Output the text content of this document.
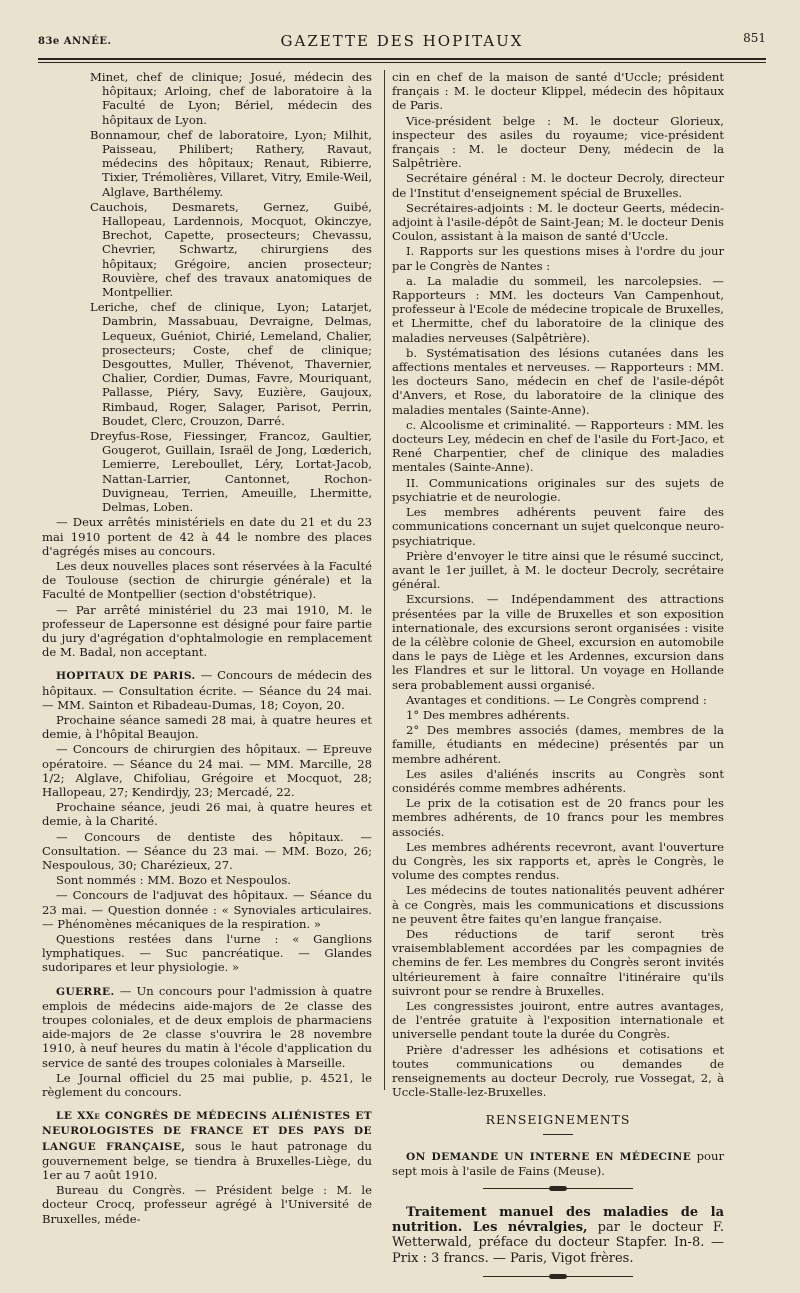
83e ANNÉE.	GAZETTE DES HOPITAUX	851

Minet, chef de clinique; Josué, médecin des hôpitaux; Arloing, chef de laboratoire à la Faculté de Lyon; Bériel, médecin des hôpitaux de Lyon.

Bonnamour, chef de laboratoire, Lyon; Milhit, Paisseau, Philibert; Rathery, Ravaut, médecins des hôpitaux; Renaut, Ribierre, Tixier, Trémolières, Villaret, Vitry, Emile-Weil, Alglave, Barthélemy.

Cauchois, Desmarets, Gernez, Guibé, Hallopeau, Lardennois, Mocquot, Okinczye, Brechot, Capette, prosecteurs; Chevassu, Chevrier, Schwartz, chirurgiens des hôpitaux; Grégoire, ancien prosecteur; Rouvière, chef des travaux anatomiques de Montpellier.

Leriche, chef de clinique, Lyon; Latarjet, Dambrin, Massabuau, Devraigne, Delmas, Lequeux, Guéniot, Chirié, Lemeland, Chalier, prosecteurs; Coste, chef de clinique; Desgouttes, Muller, Thévenot, Thavernier, Chalier, Cordier, Dumas, Favre, Mouriquant, Pallasse, Piéry, Savy, Euzière, Gaujoux, Rimbaud, Roger, Salager, Parisot, Perrin, Boudet, Clerc, Crouzon, Darré.

Dreyfus-Rose, Fiessinger, Francoz, Gaultier, Gougerot, Guillain, Israël de Jong, Lœderich, Lemierre, Lereboullet, Léry, Lortat-Jacob, Nattan-Larrier, Cantonnet, Rochon-Duvigneau, Terrien, Ameuille, Lhermitte, Delmas, Loben.

— Deux arrêtés ministériels en date du 21 et du 23 mai 1910 portent de 42 à 44 le nombre des places d'agrégés mises au concours.

Les deux nouvelles places sont réservées à la Faculté de Toulouse (section de chirurgie générale) et la Faculté de Montpellier (section d'obstétrique).

— Par arrêté ministériel du 23 mai 1910, M. le professeur de Lapersonne est désigné pour faire partie du jury d'agrégation d'ophtalmologie en remplacement de M. Badal, non acceptant.

HOPITAUX DE PARIS. — Concours de médecin des hôpitaux. — Consultation écrite. — Séance du 24 mai. — MM. Sainton et Ribadeau-Dumas, 18; Coyon, 20.

Prochaine séance samedi 28 mai, à quatre heures et demie, à l'hôpital Beaujon.

— Concours de chirurgien des hôpitaux. — Epreuve opératoire. — Séance du 24 mai. — MM. Marcille, 28 1/2; Alglave, Chifoliau, Grégoire et Mocquot, 28; Hallopeau, 27; Kendirdjy, 23; Mercadé, 22.

Prochaine séance, jeudi 26 mai, à quatre heures et demie, à la Charité.

— Concours de dentiste des hôpitaux. — Consultation. — Séance du 23 mai. — MM. Bozo, 26; Nespoulous, 30; Charézieux, 27.

Sont nommés : MM. Bozo et Nespoulos.

— Concours de l'adjuvat des hôpitaux. — Séance du 23 mai. — Question donnée : « Synoviales articulaires. — Phénomènes mécaniques de la respiration. »

Questions restées dans l'urne : « Ganglions lymphatiques. — Suc pancréatique. — Glandes sudoripares et leur physiologie. »

GUERRE. — Un concours pour l'admission à quatre emplois de médecins aide-majors de 2e classe des troupes coloniales, et de deux emplois de pharmaciens aide-majors de 2e classe s'ouvrira le 28 novembre 1910, à neuf heures du matin à l'école d'application du service de santé des troupes coloniales à Marseille.

Le Journal officiel du 25 mai publie, p. 4521, le règlement du concours.

LE XXe CONGRÈS DE MÉDECINS ALIÉNISTES ET NEUROLOGISTES DE FRANCE ET DES PAYS DE LANGUE FRANÇAISE, sous le haut patronage du gouvernement belge, se tiendra à Bruxelles-Liège, du 1er au 7 août 1910.

Bureau du Congrès. — Président belge : M. le docteur Crocq, professeur agrégé à l'Université de Bruxelles, méde-

cin en chef de la maison de santé d'Uccle; président français : M. le docteur Klippel, médecin des hôpitaux de Paris.

Vice-président belge : M. le docteur Glorieux, inspecteur des asiles du royaume; vice-président français : M. le docteur Deny, médecin de la Salpêtrière.

Secrétaire général : M. le docteur Decroly, directeur de l'Institut d'enseignement spécial de Bruxelles.

Secrétaires-adjoints : M. le docteur Geerts, médecin-adjoint à l'asile-dépôt de Saint-Jean; M. le docteur Denis Coulon, assistant à la maison de santé d'Uccle.

I. Rapports sur les questions mises à l'ordre du jour par le Congrès de Nantes :

a. La maladie du sommeil, les narcolepsies. — Rapporteurs : MM. les docteurs Van Campenhout, professeur à l'Ecole de médecine tropicale de Bruxelles, et Lhermitte, chef du laboratoire de la clinique des maladies nerveuses (Salpêtrière).

b. Systématisation des lésions cutanées dans les affections mentales et nerveuses. — Rapporteurs : MM. les docteurs Sano, médecin en chef de l'asile-dépôt d'Anvers, et Rose, du laboratoire de la clinique des maladies mentales (Sainte-Anne).

c. Alcoolisme et criminalité. — Rapporteurs : MM. les docteurs Ley, médecin en chef de l'asile du Fort-Jaco, et René Charpentier, chef de clinique des maladies mentales (Sainte-Anne).

II. Communications originales sur des sujets de psychiatrie et de neurologie.

Les membres adhérents peuvent faire des communications concernant un sujet quelconque neuro-psychiatrique.

Prière d'envoyer le titre ainsi que le résumé succinct, avant le 1er juillet, à M. le docteur Decroly, secrétaire général.

Excursions. — Indépendamment des attractions présentées par la ville de Bruxelles et son exposition internationale, des excursions seront organisées : visite de la célèbre colonie de Gheel, excursion en automobile dans le pays de Liège et les Ardennes, excursion dans les Flandres et sur le littoral. Un voyage en Hollande sera probablement aussi organisé.

Avantages et conditions. — Le Congrès comprend :

1° Des membres adhérents.

2° Des membres associés (dames, membres de la famille, étudiants en médecine) présentés par un membre adhérent.

Les asiles d'aliénés inscrits au Congrès sont considérés comme membres adhérents.

Le prix de la cotisation est de 20 francs pour les membres adhérents, de 10 francs pour les membres associés.

Les membres adhérents recevront, avant l'ouverture du Congrès, les six rapports et, après le Congrès, le volume des comptes rendus.

Les médecins de toutes nationalités peuvent adhérer à ce Congrès, mais les communications et discussions ne peuvent être faites qu'en langue française.

Des réductions de tarif seront très vraisemblablement accordées par les compagnies de chemins de fer. Les membres du Congrès seront invités ultérieurement à faire connaître l'itinéraire qu'ils suivront pour se rendre à Bruxelles.

Les congressistes jouiront, entre autres avantages, de l'entrée gratuite à l'exposition internationale et universelle pendant toute la durée du Congrès.

Prière d'adresser les adhésions et cotisations et toutes communications ou demandes de renseignements au docteur Decroly, rue Vossegat, 2, à Uccle-Stalle-lez-Bruxelles.

RENSEIGNEMENTS

ON DEMANDE UN INTERNE EN MÉDECINE pour sept mois à l'asile de Fains (Meuse).

Traitement manuel des maladies de la nutrition. Les névralgies, par le docteur F. Wetterwald, préface du docteur Stapfer. In-8. — Prix : 3 francs. — Paris, Vigot frères.
